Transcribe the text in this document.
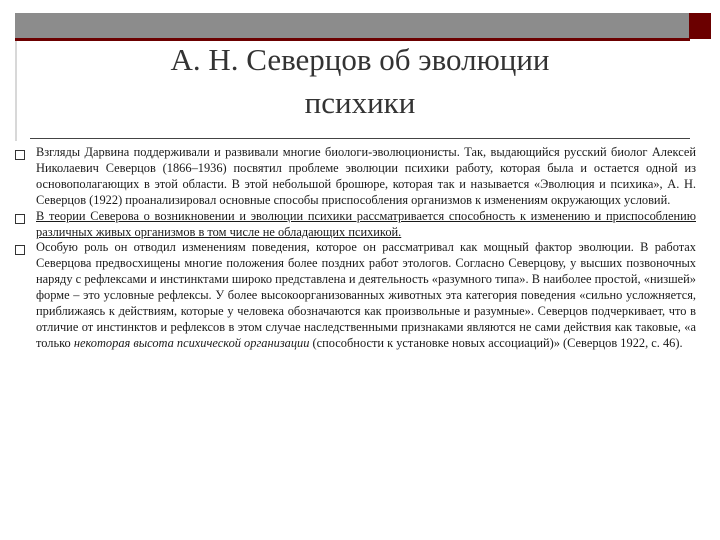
А. Н. Северцов об эволюции
психики
Взгляды Дарвина поддерживали и развивали многие биологи-эволюционисты. Так, выдающийся русский биолог Алексей Николаевич Северцов (1866–1936) посвятил проблеме эволюции психики работу, которая была и остается одной из основополагающих в этой области. В этой небольшой брошюре, которая так и называется «Эволюция и психика», А. Н. Северцов (1922) проанализировал основные способы приспособления организмов к изменениям окружающих условий.
В теории Северова о возникновении и эволюции психики рассматривается способность к изменению и приспособлению различных живых организмов в том числе не обладающих психикой.
Особую роль он отводил изменениям поведения, которое он рассматривал как мощный фактор эволюции. В работах Северцова предвосхищены многие положения более поздних работ этологов. Согласно Северцову, у высших позвоночных наряду с рефлексами и инстинктами широко представлена и деятельность «разумного типа». В наиболее простой, «низшей» форме – это условные рефлексы. У более высокоорганизованных животных эта категория поведения «сильно усложняется, приближаясь к действиям, которые у человека обозначаются как произвольные и разумные». Северцов подчеркивает, что в отличие от инстинктов и рефлексов в этом случае наследственными признаками являются не сами действия как таковые, «а только некоторая высота психической организации (способности к установке новых ассоциаций)» (Северцов 1922, с. 46).
